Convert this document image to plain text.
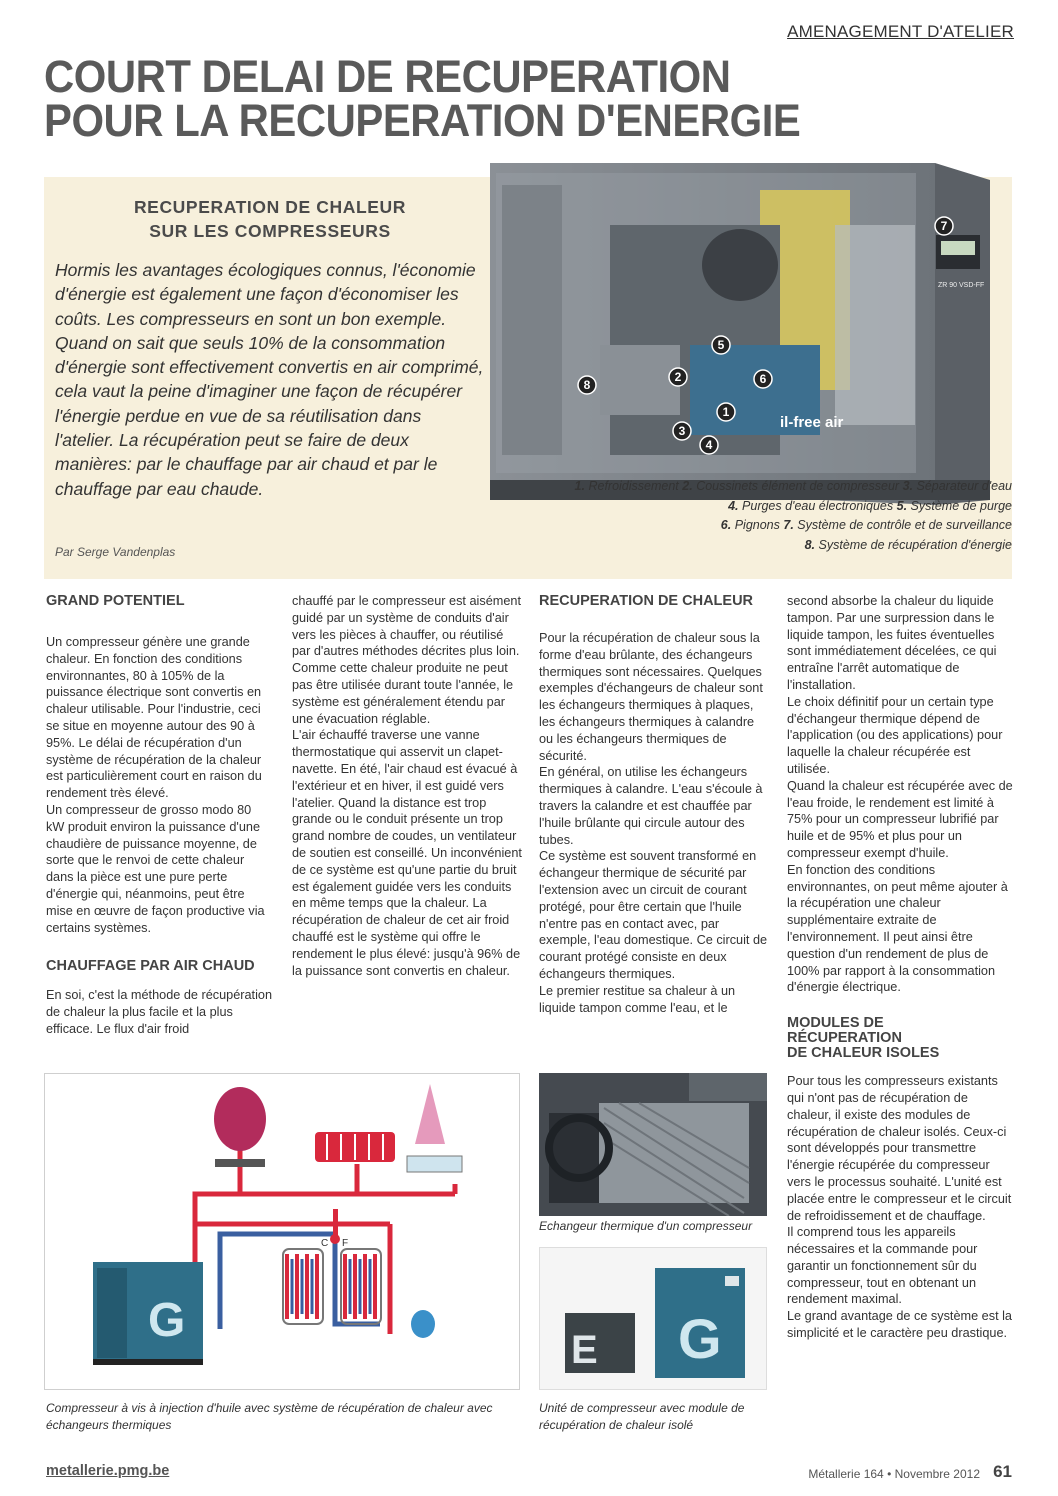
AMENAGEMENT D'ATELIER
COURT DELAI DE RECUPERATION
POUR LA RECUPERATION D'ENERGIE
RECUPERATION DE CHALEUR
SUR LES COMPRESSEURS
Hormis les avantages écologiques connus, l'économie d'énergie est également une façon d'économiser les coûts. Les compresseurs en sont un bon exemple. Quand on sait que seuls 10% de la consommation d'énergie sont effectivement convertis en air comprimé, cela vaut la peine d'imaginer une façon de récupérer l'énergie perdue en vue de sa réutilisation dans l'atelier. La récupération peut se faire de deux manières: par le chauffage par air chaud et par le chauffage par eau chaude.
Par Serge Vandenplas
ZR 90 VSD-FF
il-free air
1
2
3
4
5
6
7
8
1. Refroidissement 2. Coussinets élément de compresseur 3. Séparateur d'eau
4. Purges d'eau électroniques 5. Système de purge
6. Pignons 7. Système de contrôle et de surveillance
8. Système de récupération d'énergie
GRAND POTENTIEL

Un compresseur génère une grande chaleur. En fonction des conditions environnantes, 80 à 105% de la puissance électrique sont convertis en chaleur utilisable. Pour l'industrie, ceci se situe en moyenne autour des 90 à 95%. Le délai de récupération d'un système de récupération de la chaleur est particulièrement court en raison du rendement très élevé.

Un compresseur de grosso modo 80 kW produit environ la puissance d'une chaudière de puissance moyenne, de sorte que le renvoi de cette chaleur dans la pièce est une pure perte d'énergie qui, néanmoins, peut être mise en œuvre de façon productive via certains systèmes.

CHAUFFAGE PAR AIR CHAUD

En soi, c'est la méthode de récupération de chaleur la plus facile et la plus efficace. Le flux d'air froid

chauffé par le compresseur est aisément guidé par un système de conduits d'air vers les pièces à chauffer, ou réutilisé par d'autres méthodes décrites plus loin. Comme cette chaleur produite ne peut pas être utilisée durant toute l'année, le système est généralement étendu par une évacuation réglable.

L'air échauffé traverse une vanne thermostatique qui asservit un clapet-navette. En été, l'air chaud est évacué à l'extérieur et en hiver, il est guidé vers l'atelier. Quand la distance est trop grande ou le conduit présente un trop grand nombre de coudes, un ventilateur de soutien est conseillé. Un inconvénient de ce système est qu'une partie du bruit est également guidée vers les conduits en même temps que la chaleur. La récupération de chaleur de cet air froid chauffé est le système qui offre le rendement le plus élevé: jusqu'à 96% de la puissance sont convertis en chaleur.

RECUPERATION DE CHALEUR

Pour la récupération de chaleur sous la forme d'eau brûlante, des échangeurs thermiques sont nécessaires. Quelques exemples d'échangeurs de chaleur sont les échangeurs thermiques à plaques, les échangeurs thermiques à calandre ou les échangeurs thermiques de sécurité.

En général, on utilise les échangeurs thermiques à calandre. L'eau s'écoule à travers la calandre et est chauffée par l'huile brûlante qui circule autour des tubes.

Ce système est souvent transformé en échangeur thermique de sécurité par l'extension avec un circuit de courant protégé, pour être certain que l'huile n'entre pas en contact avec, par exemple, l'eau domestique. Ce circuit de courant protégé consiste en deux échangeurs thermiques.

Le premier restitue sa chaleur à un liquide tampon comme l'eau, et le

second absorbe la chaleur du liquide tampon. Par une surpression dans le liquide tampon, les fuites éventuelles sont immédiatement décelées, ce qui entraîne l'arrêt automatique de l'installation.

Le choix définitif pour un certain type d'échangeur thermique dépend de l'application (ou des applications) pour laquelle la chaleur récupérée est utilisée.

Quand la chaleur est récupérée avec de l'eau froide, le rendement est limité à 75% pour un compresseur lubrifié par huile et de 95% et plus pour un compresseur exempt d'huile.

En fonction des conditions environnantes, on peut même ajouter à la récupération une chaleur supplémentaire extraite de l'environnement. Il peut ainsi être question d'un rendement de plus de 100% par rapport à la consommation d'énergie électrique.

MODULES DE
RÉCUPERATION
DE CHALEUR ISOLES

Pour tous les compresseurs existants qui n'ont pas de récupération de chaleur, il existe des modules de récupération de chaleur isolés. Ceux-ci sont développés pour transmettre l'énergie récupérée du compresseur vers le processus souhaité. L'unité est placée entre le compresseur et le circuit de refroidissement et de chauffage.

Il comprend tous les appareils nécessaires et la commande pour garantir un fonctionnement sûr du compresseur, tout en obtenant un rendement maximal.

Le grand avantage de ce système est la simplicité et le caractère peu drastique.

C F
G
E G
Compresseur à vis à injection d'huile avec système de récupération de chaleur avec échangeurs thermiques
Echangeur thermique d'un compresseur
Unité de compresseur avec module de récupération de chaleur isolé
metallerie.pmg.be	Métallerie 164 • Novembre 2012 61
